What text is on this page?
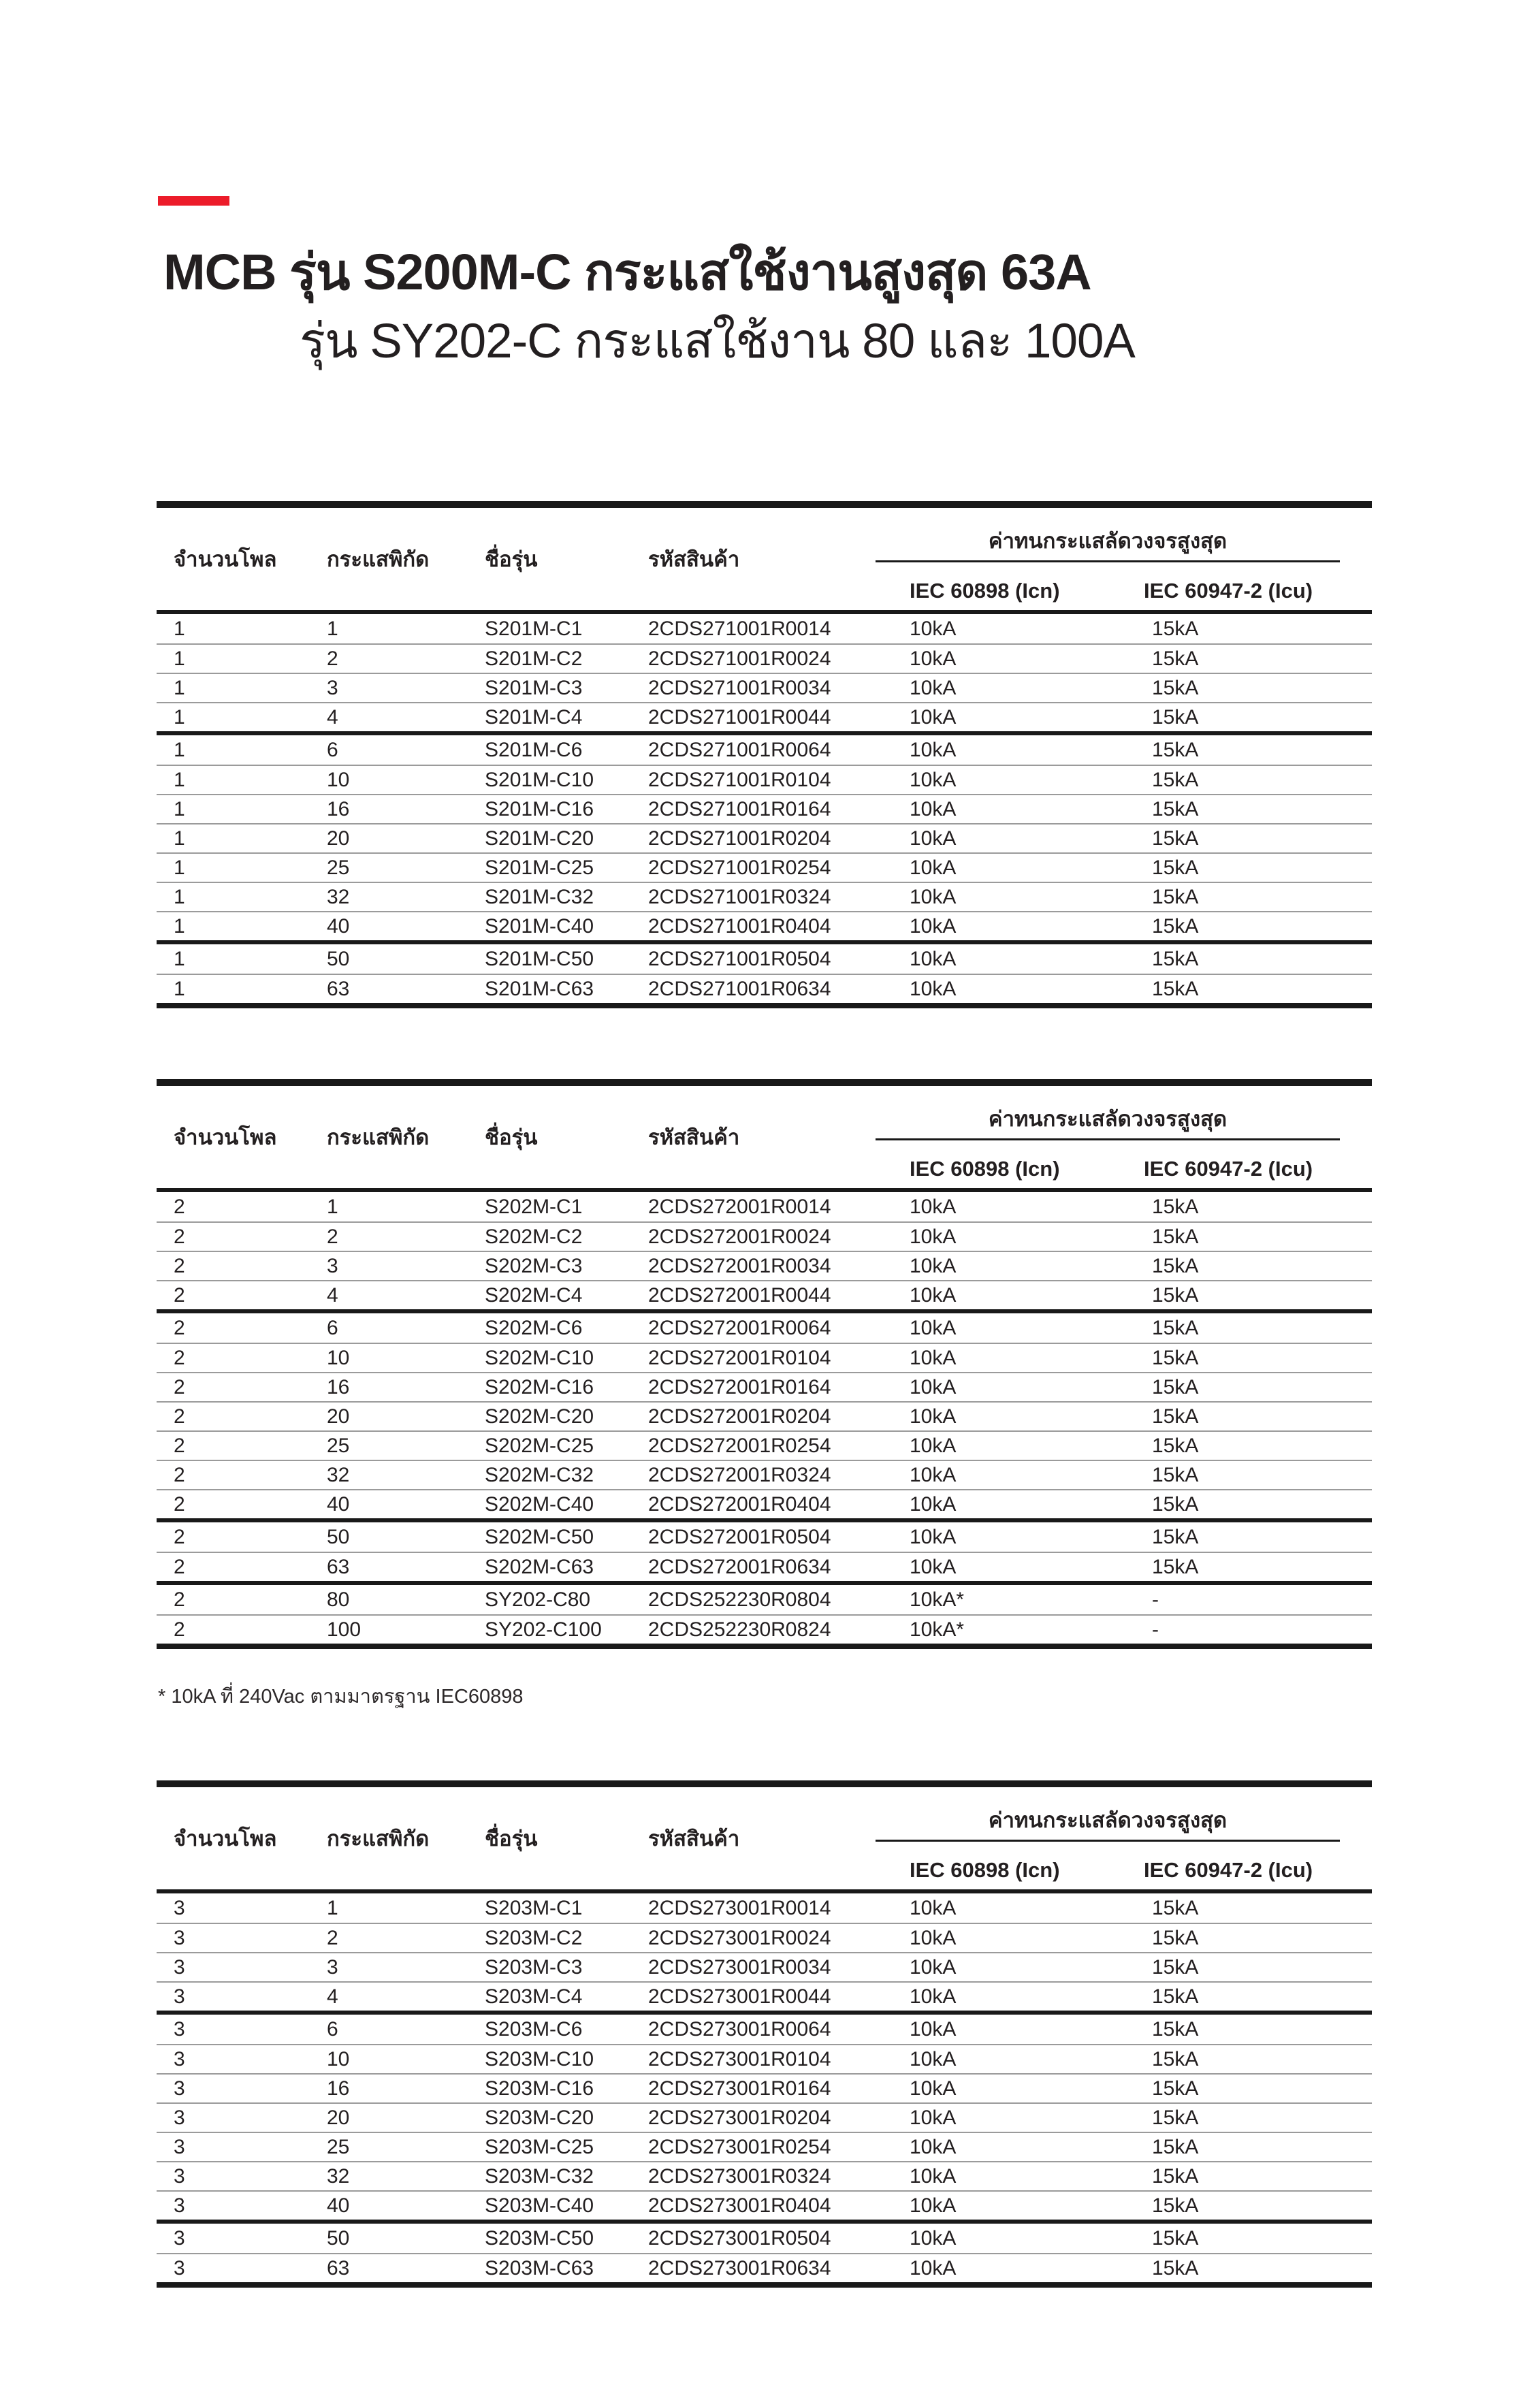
MCB รุ่น S200M-C กระแสใช้งานสูงสุด 63A
รุ่น SY202-C กระแสใช้งาน 80 และ 100A
จำนวนโพล	กระแสพิกัด	ชื่อรุ่น	รหัสสินค้า
ค่าทนกระแสลัดวงจรสูงสุด
IEC 60898 (Icn)	IEC 60947-2 (Icu)
1	1	S201M-C1	2CDS271001R0014	10kA	15kA
1	2	S201M-C2	2CDS271001R0024	10kA	15kA
1	3	S201M-C3	2CDS271001R0034	10kA	15kA
1	4	S201M-C4	2CDS271001R0044	10kA	15kA
1	6	S201M-C6	2CDS271001R0064	10kA	15kA
1	10	S201M-C10	2CDS271001R0104	10kA	15kA
1	16	S201M-C16	2CDS271001R0164	10kA	15kA
1	20	S201M-C20	2CDS271001R0204	10kA	15kA
1	25	S201M-C25	2CDS271001R0254	10kA	15kA
1	32	S201M-C32	2CDS271001R0324	10kA	15kA
1	40	S201M-C40	2CDS271001R0404	10kA	15kA
1	50	S201M-C50	2CDS271001R0504	10kA	15kA
1	63	S201M-C63	2CDS271001R0634	10kA	15kA
จำนวนโพล	กระแสพิกัด	ชื่อรุ่น	รหัสสินค้า
ค่าทนกระแสลัดวงจรสูงสุด
IEC 60898 (Icn)	IEC 60947-2 (Icu)
2	1	S202M-C1	2CDS272001R0014	10kA	15kA
2	2	S202M-C2	2CDS272001R0024	10kA	15kA
2	3	S202M-C3	2CDS272001R0034	10kA	15kA
2	4	S202M-C4	2CDS272001R0044	10kA	15kA
2	6	S202M-C6	2CDS272001R0064	10kA	15kA
2	10	S202M-C10	2CDS272001R0104	10kA	15kA
2	16	S202M-C16	2CDS272001R0164	10kA	15kA
2	20	S202M-C20	2CDS272001R0204	10kA	15kA
2	25	S202M-C25	2CDS272001R0254	10kA	15kA
2	32	S202M-C32	2CDS272001R0324	10kA	15kA
2	40	S202M-C40	2CDS272001R0404	10kA	15kA
2	50	S202M-C50	2CDS272001R0504	10kA	15kA
2	63	S202M-C63	2CDS272001R0634	10kA	15kA
2	80	SY202-C80	2CDS252230R0804	10kA*	-
2	100	SY202-C100	2CDS252230R0824	10kA*	-
* 10kA ที่ 240Vac ตามมาตรฐาน IEC60898
จำนวนโพล	กระแสพิกัด	ชื่อรุ่น	รหัสสินค้า
ค่าทนกระแสลัดวงจรสูงสุด
IEC 60898 (Icn)	IEC 60947-2 (Icu)
3	1	S203M-C1	2CDS273001R0014	10kA	15kA
3	2	S203M-C2	2CDS273001R0024	10kA	15kA
3	3	S203M-C3	2CDS273001R0034	10kA	15kA
3	4	S203M-C4	2CDS273001R0044	10kA	15kA
3	6	S203M-C6	2CDS273001R0064	10kA	15kA
3	10	S203M-C10	2CDS273001R0104	10kA	15kA
3	16	S203M-C16	2CDS273001R0164	10kA	15kA
3	20	S203M-C20	2CDS273001R0204	10kA	15kA
3	25	S203M-C25	2CDS273001R0254	10kA	15kA
3	32	S203M-C32	2CDS273001R0324	10kA	15kA
3	40	S203M-C40	2CDS273001R0404	10kA	15kA
3	50	S203M-C50	2CDS273001R0504	10kA	15kA
3	63	S203M-C63	2CDS273001R0634	10kA	15kA
